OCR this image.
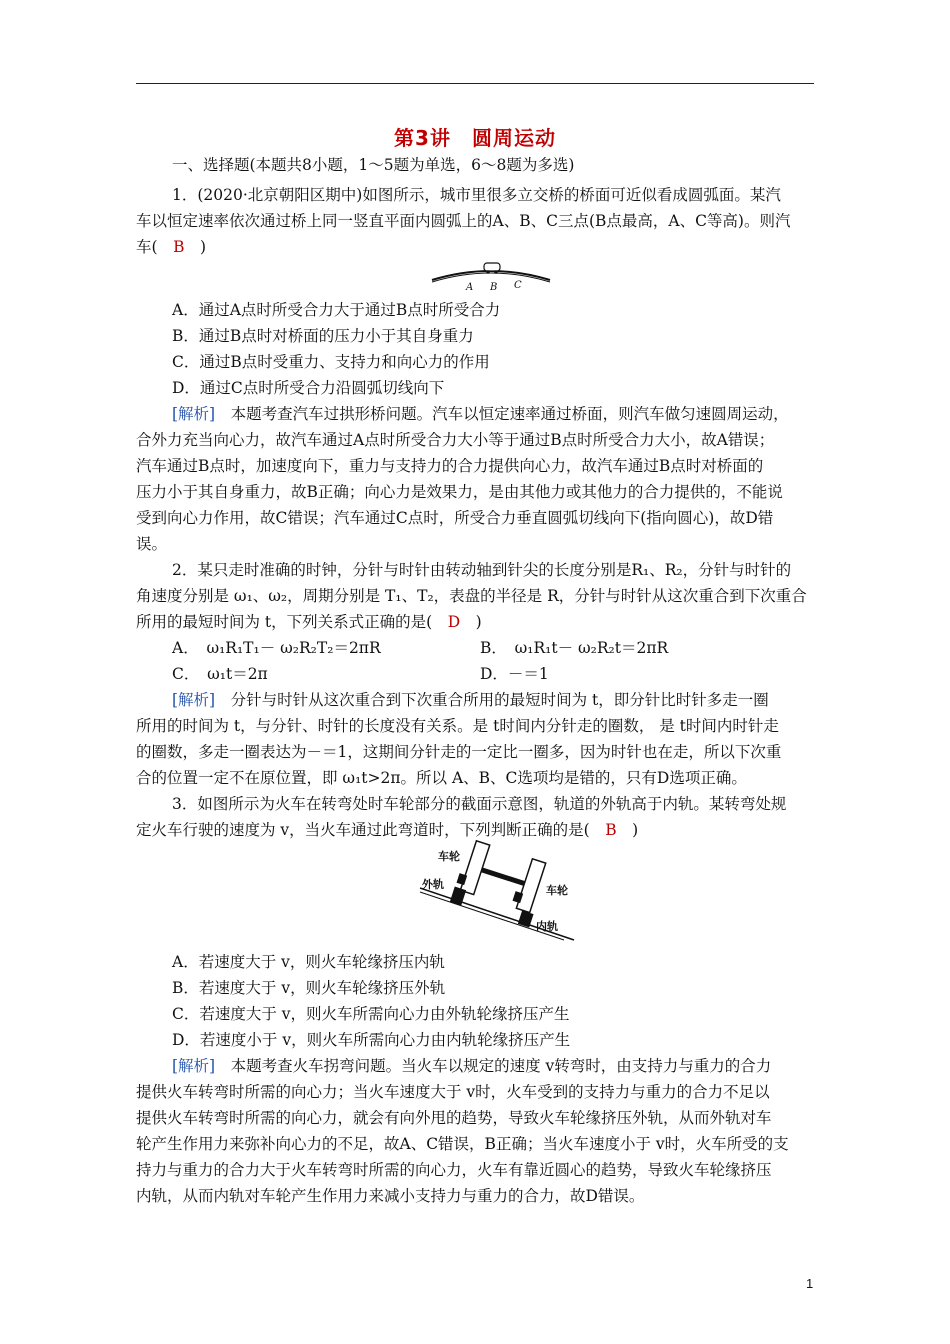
第3讲　圆周运动
一、选择题(本题共8小题，1～5题为单选，6～8题为多选)
1．(2020·北京朝阳区期中)如图所示，城市里很多立交桥的桥面可近似看成圆弧面。某汽
车以恒定速率依次通过桥上同一竖直平面内圆弧上的A、B、C三点(B点最高，A、C等高)。则汽
车(　B　)
A B C
A．通过A点时所受合力大于通过B点时所受合力
B．通过B点时对桥面的压力小于其自身重力
C．通过B点时受重力、支持力和向心力的作用
D．通过C点时所受合力沿圆弧切线向下
[解析]　本题考查汽车过拱形桥问题。汽车以恒定速率通过桥面，则汽车做匀速圆周运动，
合外力充当向心力，故汽车通过A点时所受合力大小等于通过B点时所受合力大小，故A错误；
汽车通过B点时，加速度向下，重力与支持力的合力提供向心力，故汽车通过B点时对桥面的
压力小于其自身重力，故B正确；向心力是效果力，是由其他力或其他力的合力提供的，不能说
受到向心力作用，故C错误；汽车通过C点时，所受合力垂直圆弧切线向下(指向圆心)，故D错
误。
2．某只走时准确的时钟，分针与时针由转动轴到针尖的长度分别是R₁、R₂，分针与时针的
角速度分别是 ω₁、ω₂，周期分别是 T₁、T₂，表盘的半径是 R，分针与时针从这次重合到下次重合
所用的最短时间为 t，下列关系式正确的是(　D　)
A．　ω₁R₁T₁－ ω₂R₂T₂＝2πR	B．　ω₁R₁t－ ω₂R₂t＝2πR
C．　ω₁t＝2π	D．－＝1
[解析]　分针与时针从这次重合到下次重合所用的最短时间为 t，即分针比时针多走一圈
所用的时间为 t，与分针、时针的长度没有关系。是 t时间内分针走的圈数， 是 t时间内时针走
的圈数，多走一圈表达为－＝1，这期间分针走的一定比一圈多，因为时针也在走，所以下次重
合的位置一定不在原位置，即 ω₁t>2π。所以 A、B、C选项均是错的，只有D选项正确。
3．如图所示为火车在转弯处时车轮部分的截面示意图，轨道的外轨高于内轨。某转弯处规
定火车行驶的速度为 v，当火车通过此弯道时，下列判断正确的是(　B　)
车轮
外轨	车轮
内轨
A．若速度大于 v，则火车轮缘挤压内轨
B．若速度大于 v，则火车轮缘挤压外轨
C．若速度大于 v，则火车所需向心力由外轨轮缘挤压产生
D．若速度小于 v，则火车所需向心力由内轨轮缘挤压产生
[解析]　本题考查火车拐弯问题。当火车以规定的速度 v转弯时，由支持力与重力的合力
提供火车转弯时所需的向心力；当火车速度大于 v时，火车受到的支持力与重力的合力不足以
提供火车转弯时所需的向心力，就会有向外甩的趋势，导致火车轮缘挤压外轨，从而外轨对车
轮产生作用力来弥补向心力的不足，故A、C错误，B正确；当火车速度小于 v时，火车所受的支
持力与重力的合力大于火车转弯时所需的向心力，火车有靠近圆心的趋势，导致火车轮缘挤压
内轨，从而内轨对车轮产生作用力来减小支持力与重力的合力，故D错误。
1
